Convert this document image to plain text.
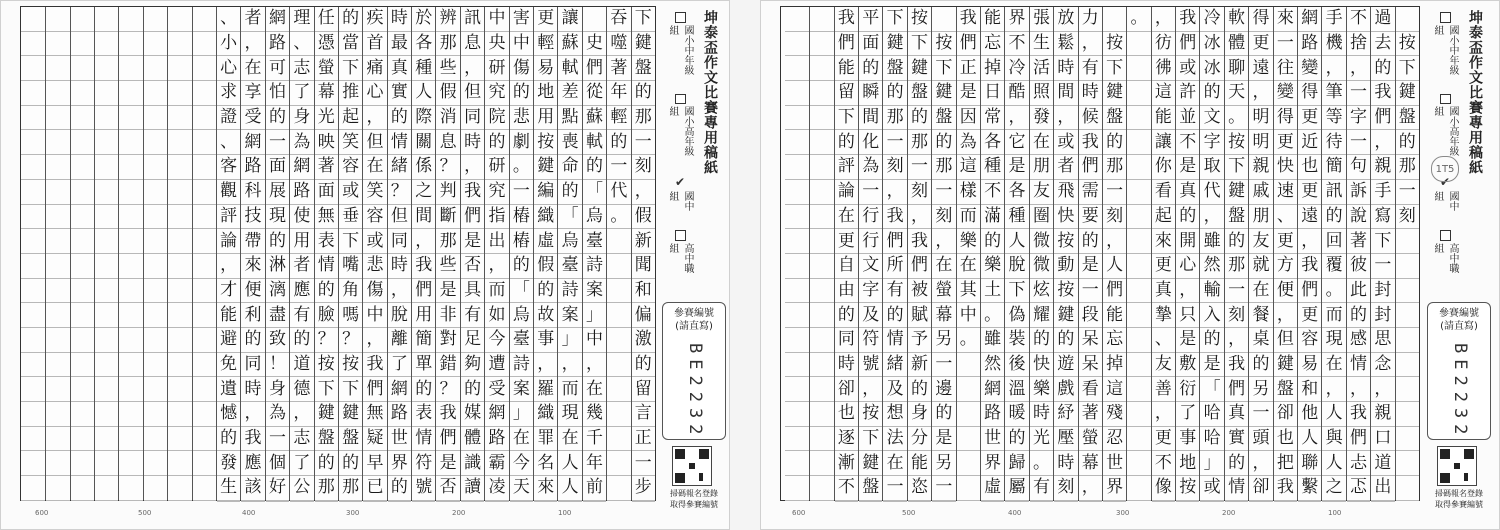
下
鍵
盤
的
那
一
刻
，
假
新
聞
和
偏
激
的
留
言
正
一
步
吞
噬
著
年
輕
的
一
代
。

史
們
從
蘇
軾
的
「
烏
臺
詩
案
」
中
，
在
幾
千
年
前
讓
蘇
軾
差
點
喪
命
的
「
烏
臺
詩
案
」
，
而
現
在
人
人
更
輕
易
地
用
按
鍵
編
織
虛
假
的
故
事
，
羅
織
罪
名
來
害
中
傷
的
悲
劇
。
一
樁
樁
的
「
烏
臺
詩
案
」
在
今
天
中
央
研
究
院
的
研
究
指
出
，
而
如
今
遭
受
網
路
霸
凌
訊
息
，
但
同
時
，
我
們
是
否
具
有
足
夠
的
媒
體
識
讀
辨
那
些
假
消
息
？
判
斷
那
些
是
非
對
錯
？
我
們
是
否
於
各
種
人
際
關
係
之
間
，
我
們
用
簡
單
的
表
情
符
號
時
最
真
實
的
情
緒
？
但
同
時
，
脫
離
了
網
路
世
界
的
疾
首
痛
心
，
但
在
笑
容
或
悲
傷
中
，
我
們
無
疑
早
已
的
當
下
推
起
笑
容
或
垂
下
嘴
角
嗎
？
按
下
鍵
盤
的
那
任
憑
螢
幕
光
映
著
面
無
表
情
的
臉
？
按
下
鍵
盤
的
那
理
、
志
了
身
為
網
路
使
用
者
應
有
的
道
德
，
志
了
公
網
路
可
怕
的
一
面
展
現
的
淋
漓
盡
致
！
身
為
一
個
好
者
，
在
享
受
網
路
科
技
帶
來
便
利
的
同
時
，
我
應
該
、
小
心
求
證
、
客
觀
評
論
，
才
能
避
免
遺
憾
的
發
生
坤泰盃作文比賽專用稿紙
國小中年級組
國小高年級組
✔
國中組
高中職組
參賽編號
(請直寫)
BE2232
掃碼報名登錄
取得參賽編號
600	500	400	300	200	100

按
下
鍵
盤
的
那
一
刻
過
去
的
我
們
，
親
手
寫
下
一
封
封
思
念
，
親
口
道
出
不
捨
，
一
字
一
句
訴
說
著
彼
此
的
感
情
，
我
們
忐
忑
手
機
，
筆
等
待
簡
訊
的
回
覆
。
而
現
在
，
人
與
人
之
網
路
變
得
更
近
也
更
遠
，
我
們
更
容
易
和
他
人
聯
繫
來
一
往
變
得
更
快
速
、
更
方
便
，
但
鍵
盤
卻
也
把
我
得
更
遠
，
明
明
親
戚
朋
友
就
在
餐
桌
的
另
一
頭
，
卻
軟
體
聊
天
。
按
下
鍵
盤
的
那
一
刻
，
我
們
真
實
的
情
冷
冰
冰
的
文
字
取
代
，
雖
然
輸
入
的
是
「
哈
哈
」
或
我
們
或
許
並
不
是
真
的
開
心
，
只
是
敷
衍
了
事
地
按
，
彷
彿
這
能
讓
你
看
起
來
更
真
摯
、
友
善
，
更
不
像
。

按
下
鍵
盤
的
那
一
刻
，
人
們
能
忘
掉
這
殘
忍
世
界
力
，
有
時
候
我
們
需
要
的
是
一
段
呆
呆
看
著
螢
幕
，
放
鬆
時
間
，
或
者
飛
快
按
動
按
鍵
的
遊
戲
紓
壓
時
刻
張
生
活
照
發
在
朋
友
圈
微
微
炫
耀
的
快
樂
時
光
。
有
界
不
冷
酷
，
它
是
各
種
人
脫
下
偽
裝
後
溫
暖
的
歸
屬
能
忘
掉
日
常
各
種
不
滿
的
樂
土
。
雖
然
網
路
世
界
虛
我
們
正
是
因
為
這
樣
而
樂
在
其
中
。

按
下
鍵
盤
的
那
一
刻
，
在
螢
幕
另
一
邊
的
是
另
一
按
下
鍵
盤
的
那
一
刻
，
我
們
被
賦
予
新
的
身
分
能
恣
下
鍵
盤
的
那
一
刻
，
我
們
所
有
的
情
緒
及
想
法
在
一
平
面
的
瞬
間
化
為
一
行
行
文
字
及
符
號
，
按
下
鍵
盤
我
們
能
留
下
的
評
論
在
更
自
由
的
同
時
卻
也
逐
漸
不
坤泰盃作文比賽專用稿紙
國小中年級組
國小高年級組
✔
國中組
高中職組
1T5
參賽編號
(請直寫)
BE2232
掃碼報名登錄
取得參賽編號
600	500	400	300	200	100
